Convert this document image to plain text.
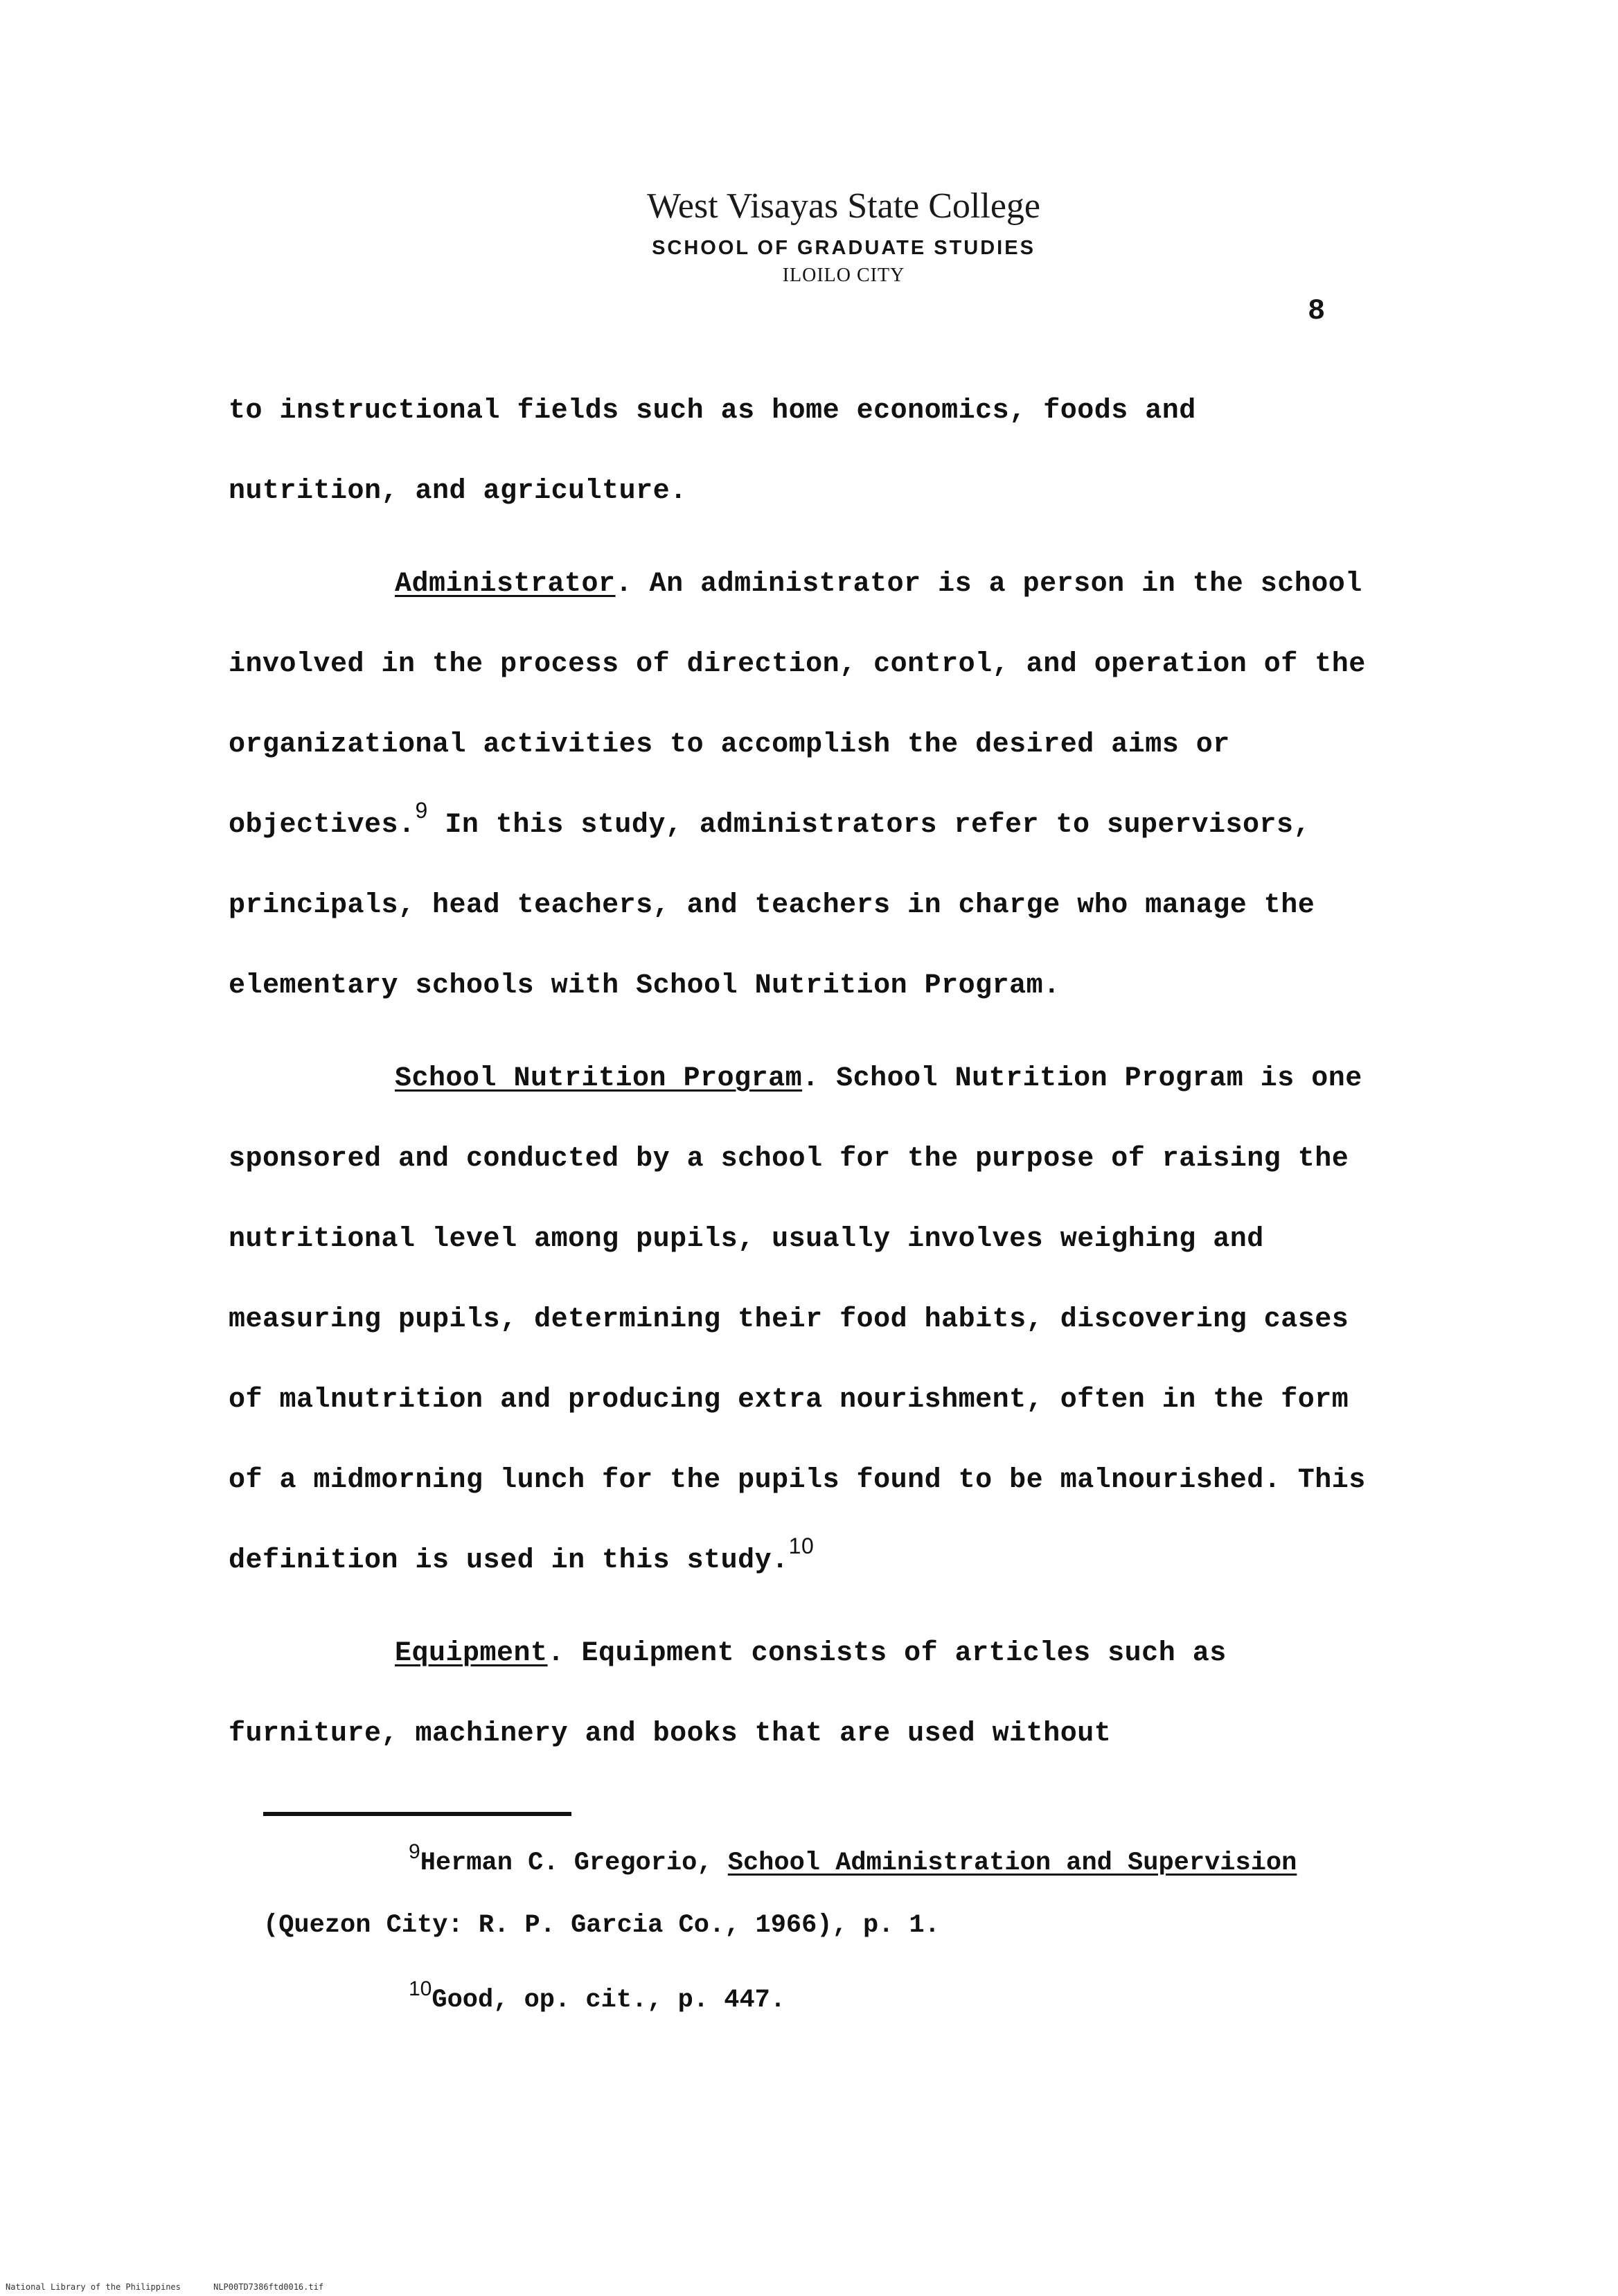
West Visayas State College
SCHOOL OF GRADUATE STUDIES
ILOILO CITY
8

to instructional fields such as home economics, foods and nutrition, and agriculture.

Administrator. An administrator is a person in the school involved in the process of direction, control, and operation of the organizational activities to accomplish the desired aims or objectives.$^9$ In this study, administrators refer to supervisors, principals, head teachers, and teachers in charge who manage the elementary schools with School Nutrition Program.

School Nutrition Program. School Nutrition Program is one sponsored and conducted by a school for the purpose of raising the nutritional level among pupils, usually involves weighing and measuring pupils, determining their food habits, discovering cases of malnutrition and producing extra nourishment, often in the form of a midmorning lunch for the pupils found to be malnourished. This definition is used in this study.$^{10}$

Equipment. Equipment consists of articles such as furniture, machinery and books that are used without

$^9$Herman C. Gregorio, School Administration and Supervision (Quezon City: R. P. Garcia Co., 1966), p. 1.

$^{10}$Good, op. cit., p. 447.

National Library of the Philippines	NLP00TD7386ftd0016.tif
